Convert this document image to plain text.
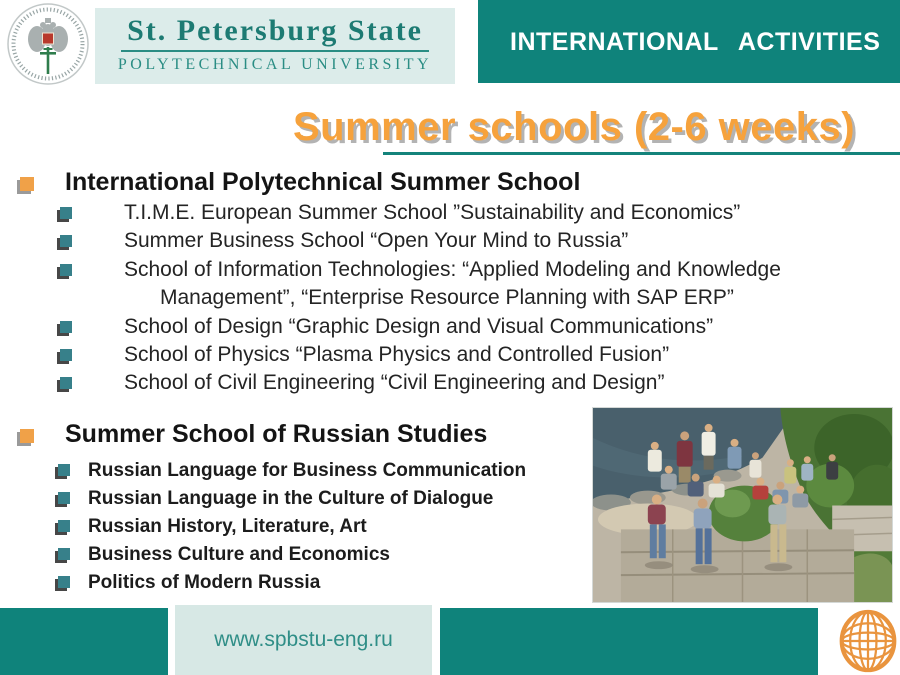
St. Petersburg State
POLYTECHNICAL UNIVERSITY
INTERNATIONAL ACTIVITIES
Summer schools (2-6 weeks)
International Polytechnical Summer School
T.I.M.E. European Summer School ”Sustainability and Economics”
Summer Business School “Open Your Mind to Russia”
School of Information Technologies: “Applied Modeling and Knowledge Management”, “Enterprise Resource Planning with SAP ERP”
School of Design “Graphic Design and Visual Communications”
School of Physics “Plasma Physics and Controlled Fusion”
School of Civil Engineering “Civil Engineering and Design”
Summer School of Russian Studies
Russian Language for Business Communication
Russian Language in the Culture of Dialogue
Russian History, Literature, Art
Business Culture and Economics
Politics of Modern Russia
www.spbstu-eng.ru
